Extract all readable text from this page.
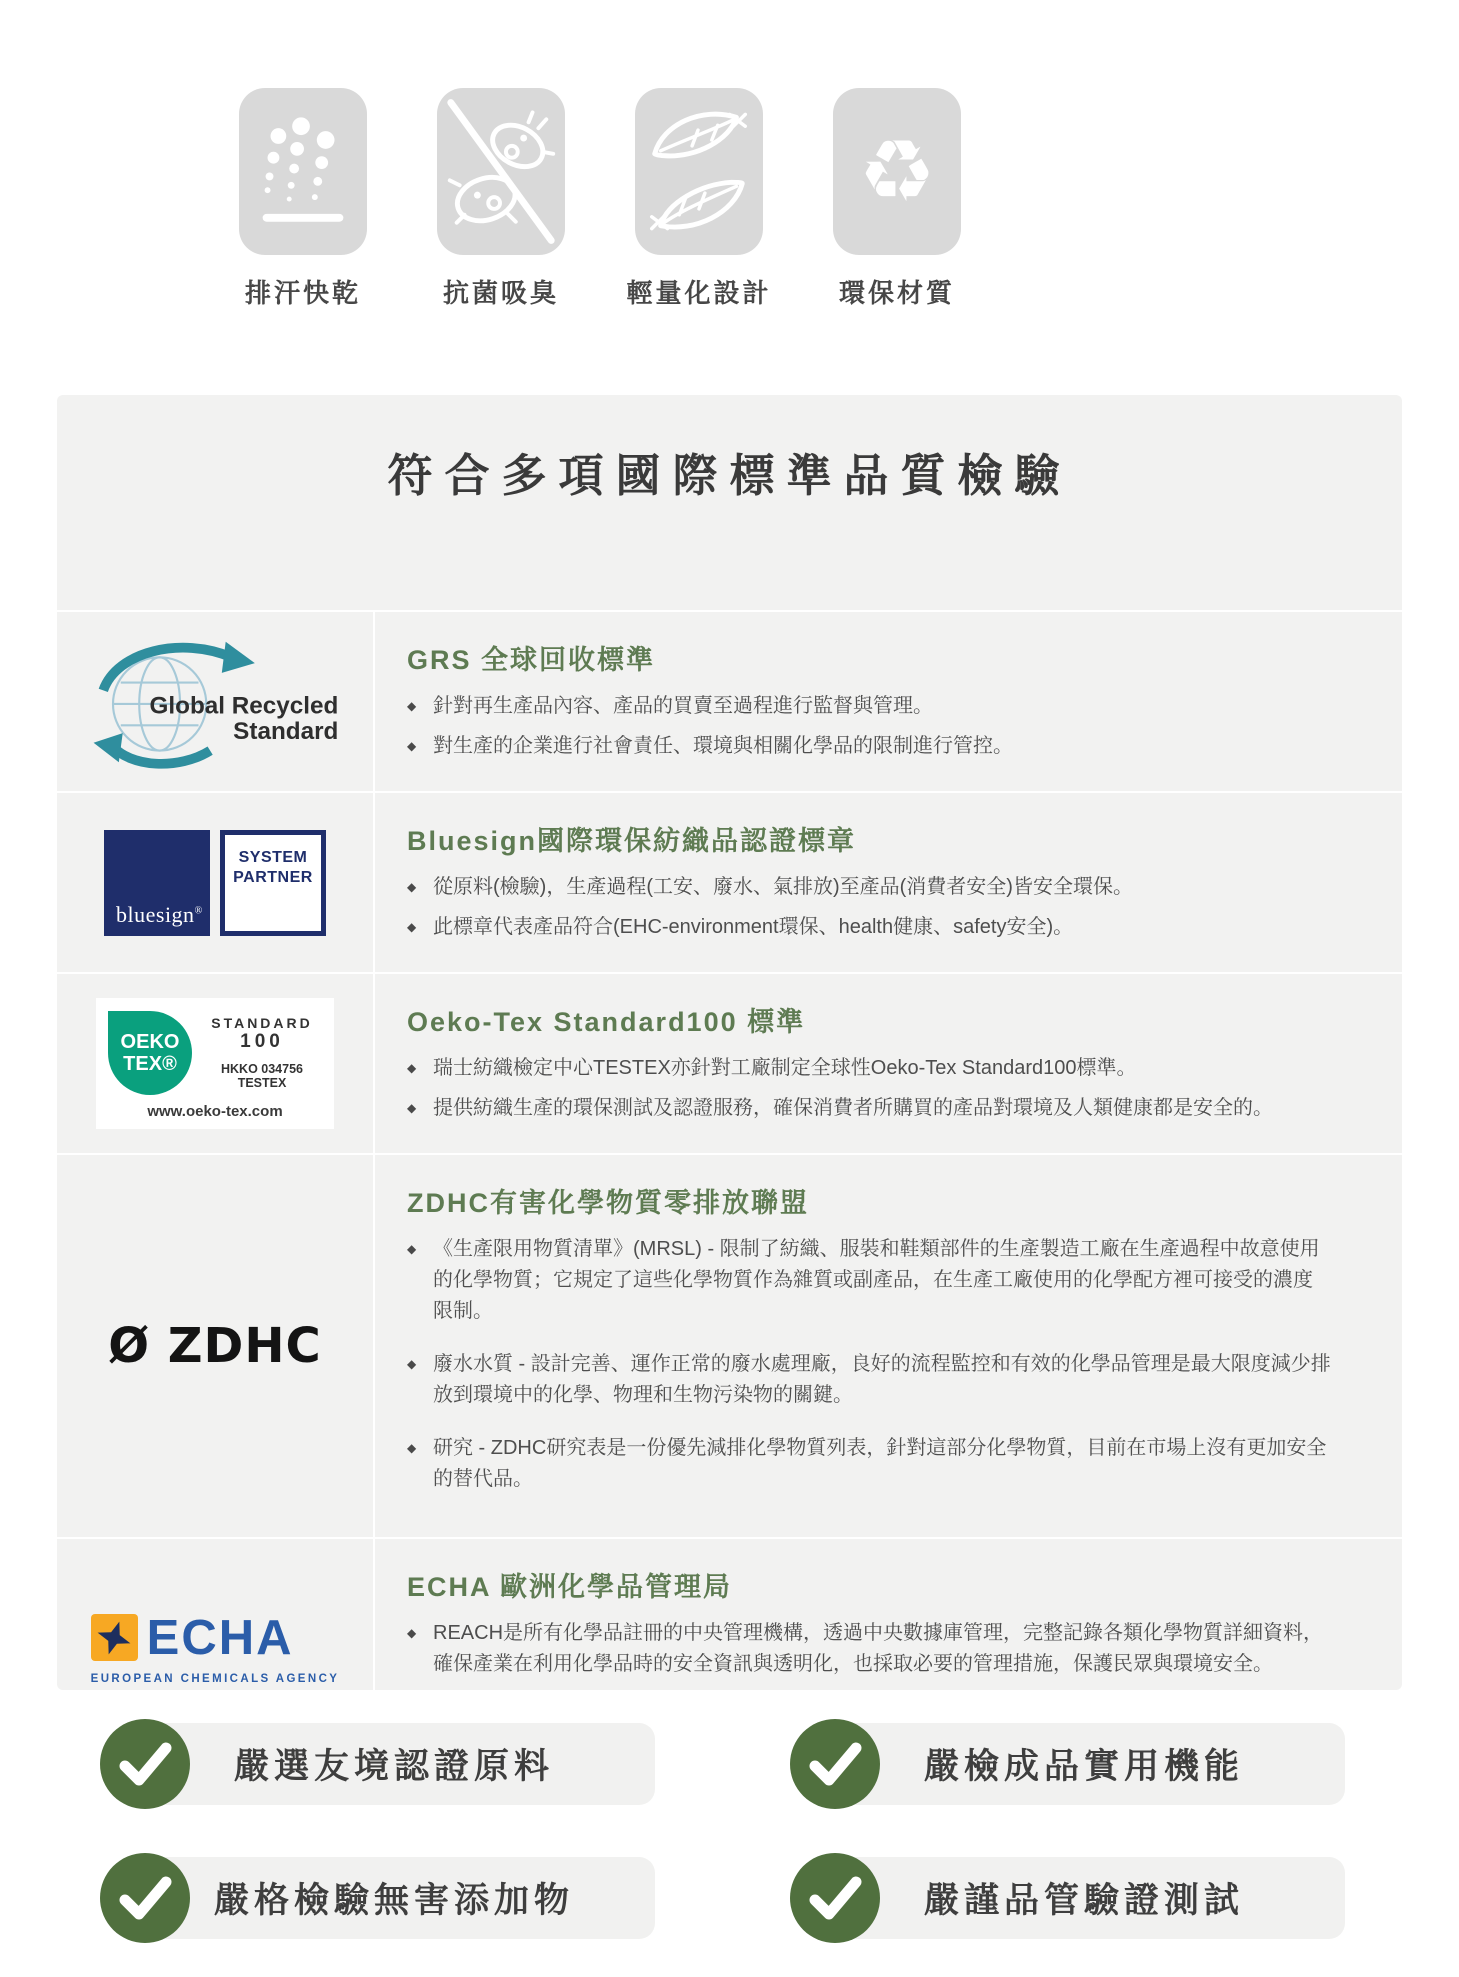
排汗快乾	抗菌吸臭	輕量化設計
♻
環保材質
符合多項國際標準品質檢驗
Global Recycled
Standard
GRS 全球回收標準
◆ 針對再生產品內容、產品的買賣至過程進行監督與管理。
◆ 對生產的企業進行社會責任、環境與相關化學品的限制進行管控。
bluesign®
SYSTEM
PARTNER
Bluesign國際環保紡織品認證標章
◆ 從原料(檢驗)，生產過程(工安、廢水、氣排放)至產品(消費者安全)皆安全環保。
◆ 此標章代表產品符合(EHC-environment環保、health健康、safety安全)。
OEKO
TEX®
STANDARD
100
HKKO 034756
TESTEX
www.oeko-tex.com
Oeko-Tex Standard100 標準
◆ 瑞士紡織檢定中心TESTEX亦針對工廠制定全球性Oeko-Tex Standard100標準。
◆ 提供紡織生產的環保測試及認證服務，確保消費者所購買的產品對環境及人類健康都是安全的。
Ø ZDHC
ZDHC有害化學物質零排放聯盟
◆ 《生產限用物質清單》(MRSL) - 限制了紡織、服裝和鞋類部件的生產製造工廠在生產過程中故意使用的化學物質；它規定了這些化學物質作為雜質或副產品，在生產工廠使用的化學配方裡可接受的濃度限制。
◆ 廢水水質 - 設計完善、運作正常的廢水處理廠，良好的流程監控和有效的化學品管理是最大限度減少排放到環境中的化學、物理和生物污染物的關鍵。
◆ 研究 - ZDHC研究表是一份優先減排化學物質列表，針對這部分化學物質，目前在市場上沒有更加安全的替代品。
ECHA
EUROPEAN CHEMICALS AGENCY
ECHA 歐洲化學品管理局
◆ REACH是所有化學品註冊的中央管理機構，透過中央數據庫管理，完整記錄各類化學物質詳細資料，確保產業在利用化學品時的安全資訊與透明化，也採取必要的管理措施，保護民眾與環境安全。
嚴選友境認證原料	嚴檢成品實用機能
嚴格檢驗無害添加物	嚴謹品管驗證測試
